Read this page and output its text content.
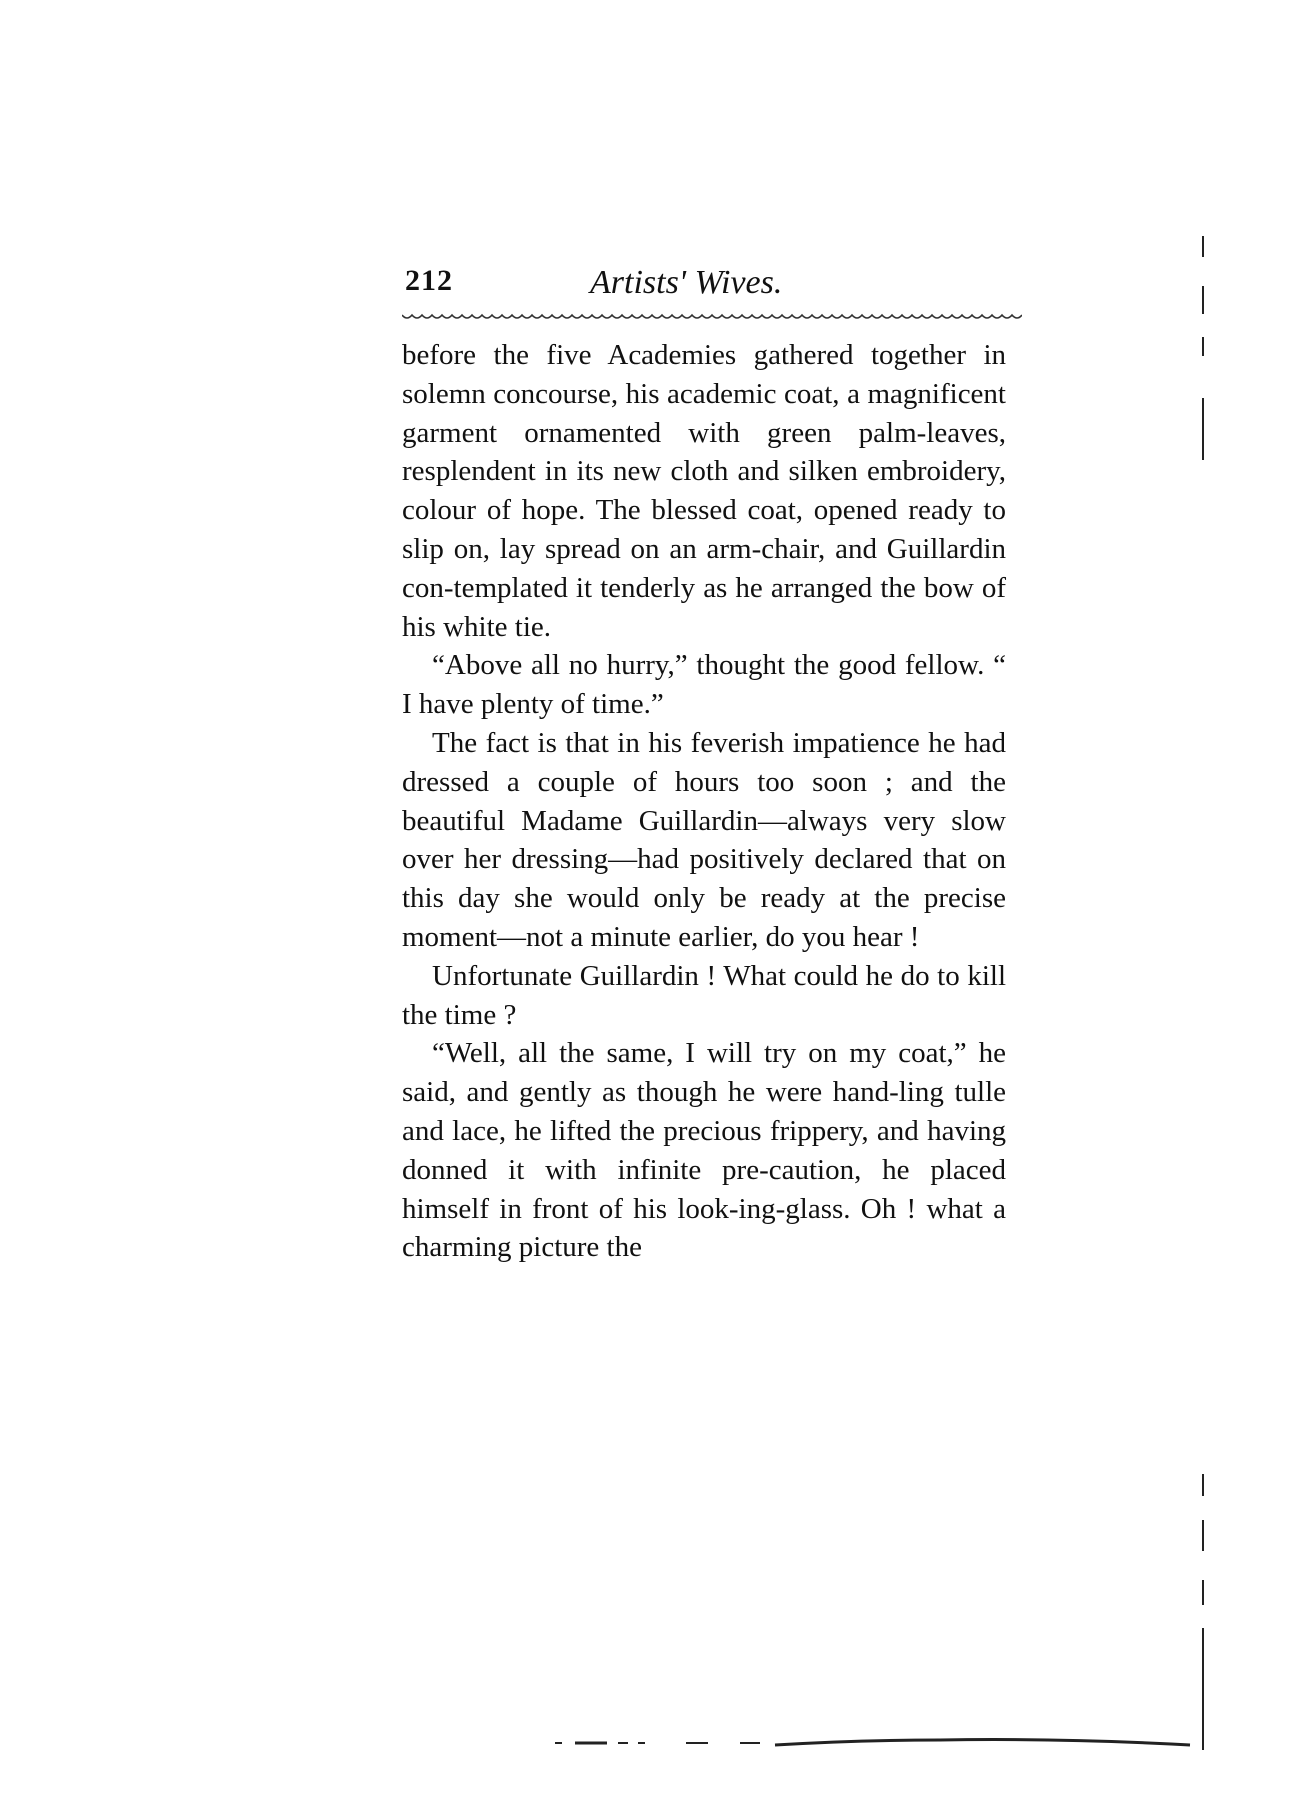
212	Artists' Wives.

before the five Academies gathered together in solemn concourse, his academic coat, a magnificent garment ornamented with green palm-leaves, resplendent in its new cloth and silken embroidery, colour of hope. The blessed coat, opened ready to slip on, lay spread on an arm-chair, and Guillardin con-templated it tenderly as he arranged the bow of his white tie.

“Above all no hurry,” thought the good fellow. “ I have plenty of time.”

The fact is that in his feverish impatience he had dressed a couple of hours too soon ; and the beautiful Madame Guillardin—always very slow over her dressing—had positively declared that on this day she would only be ready at the precise moment—not a minute earlier, do you hear !

Unfortunate Guillardin ! What could he do to kill the time ?

“Well, all the same, I will try on my coat,” he said, and gently as though he were hand-ling tulle and lace, he lifted the precious frippery, and having donned it with infinite pre-caution, he placed himself in front of his look-ing-glass. Oh ! what a charming picture the
